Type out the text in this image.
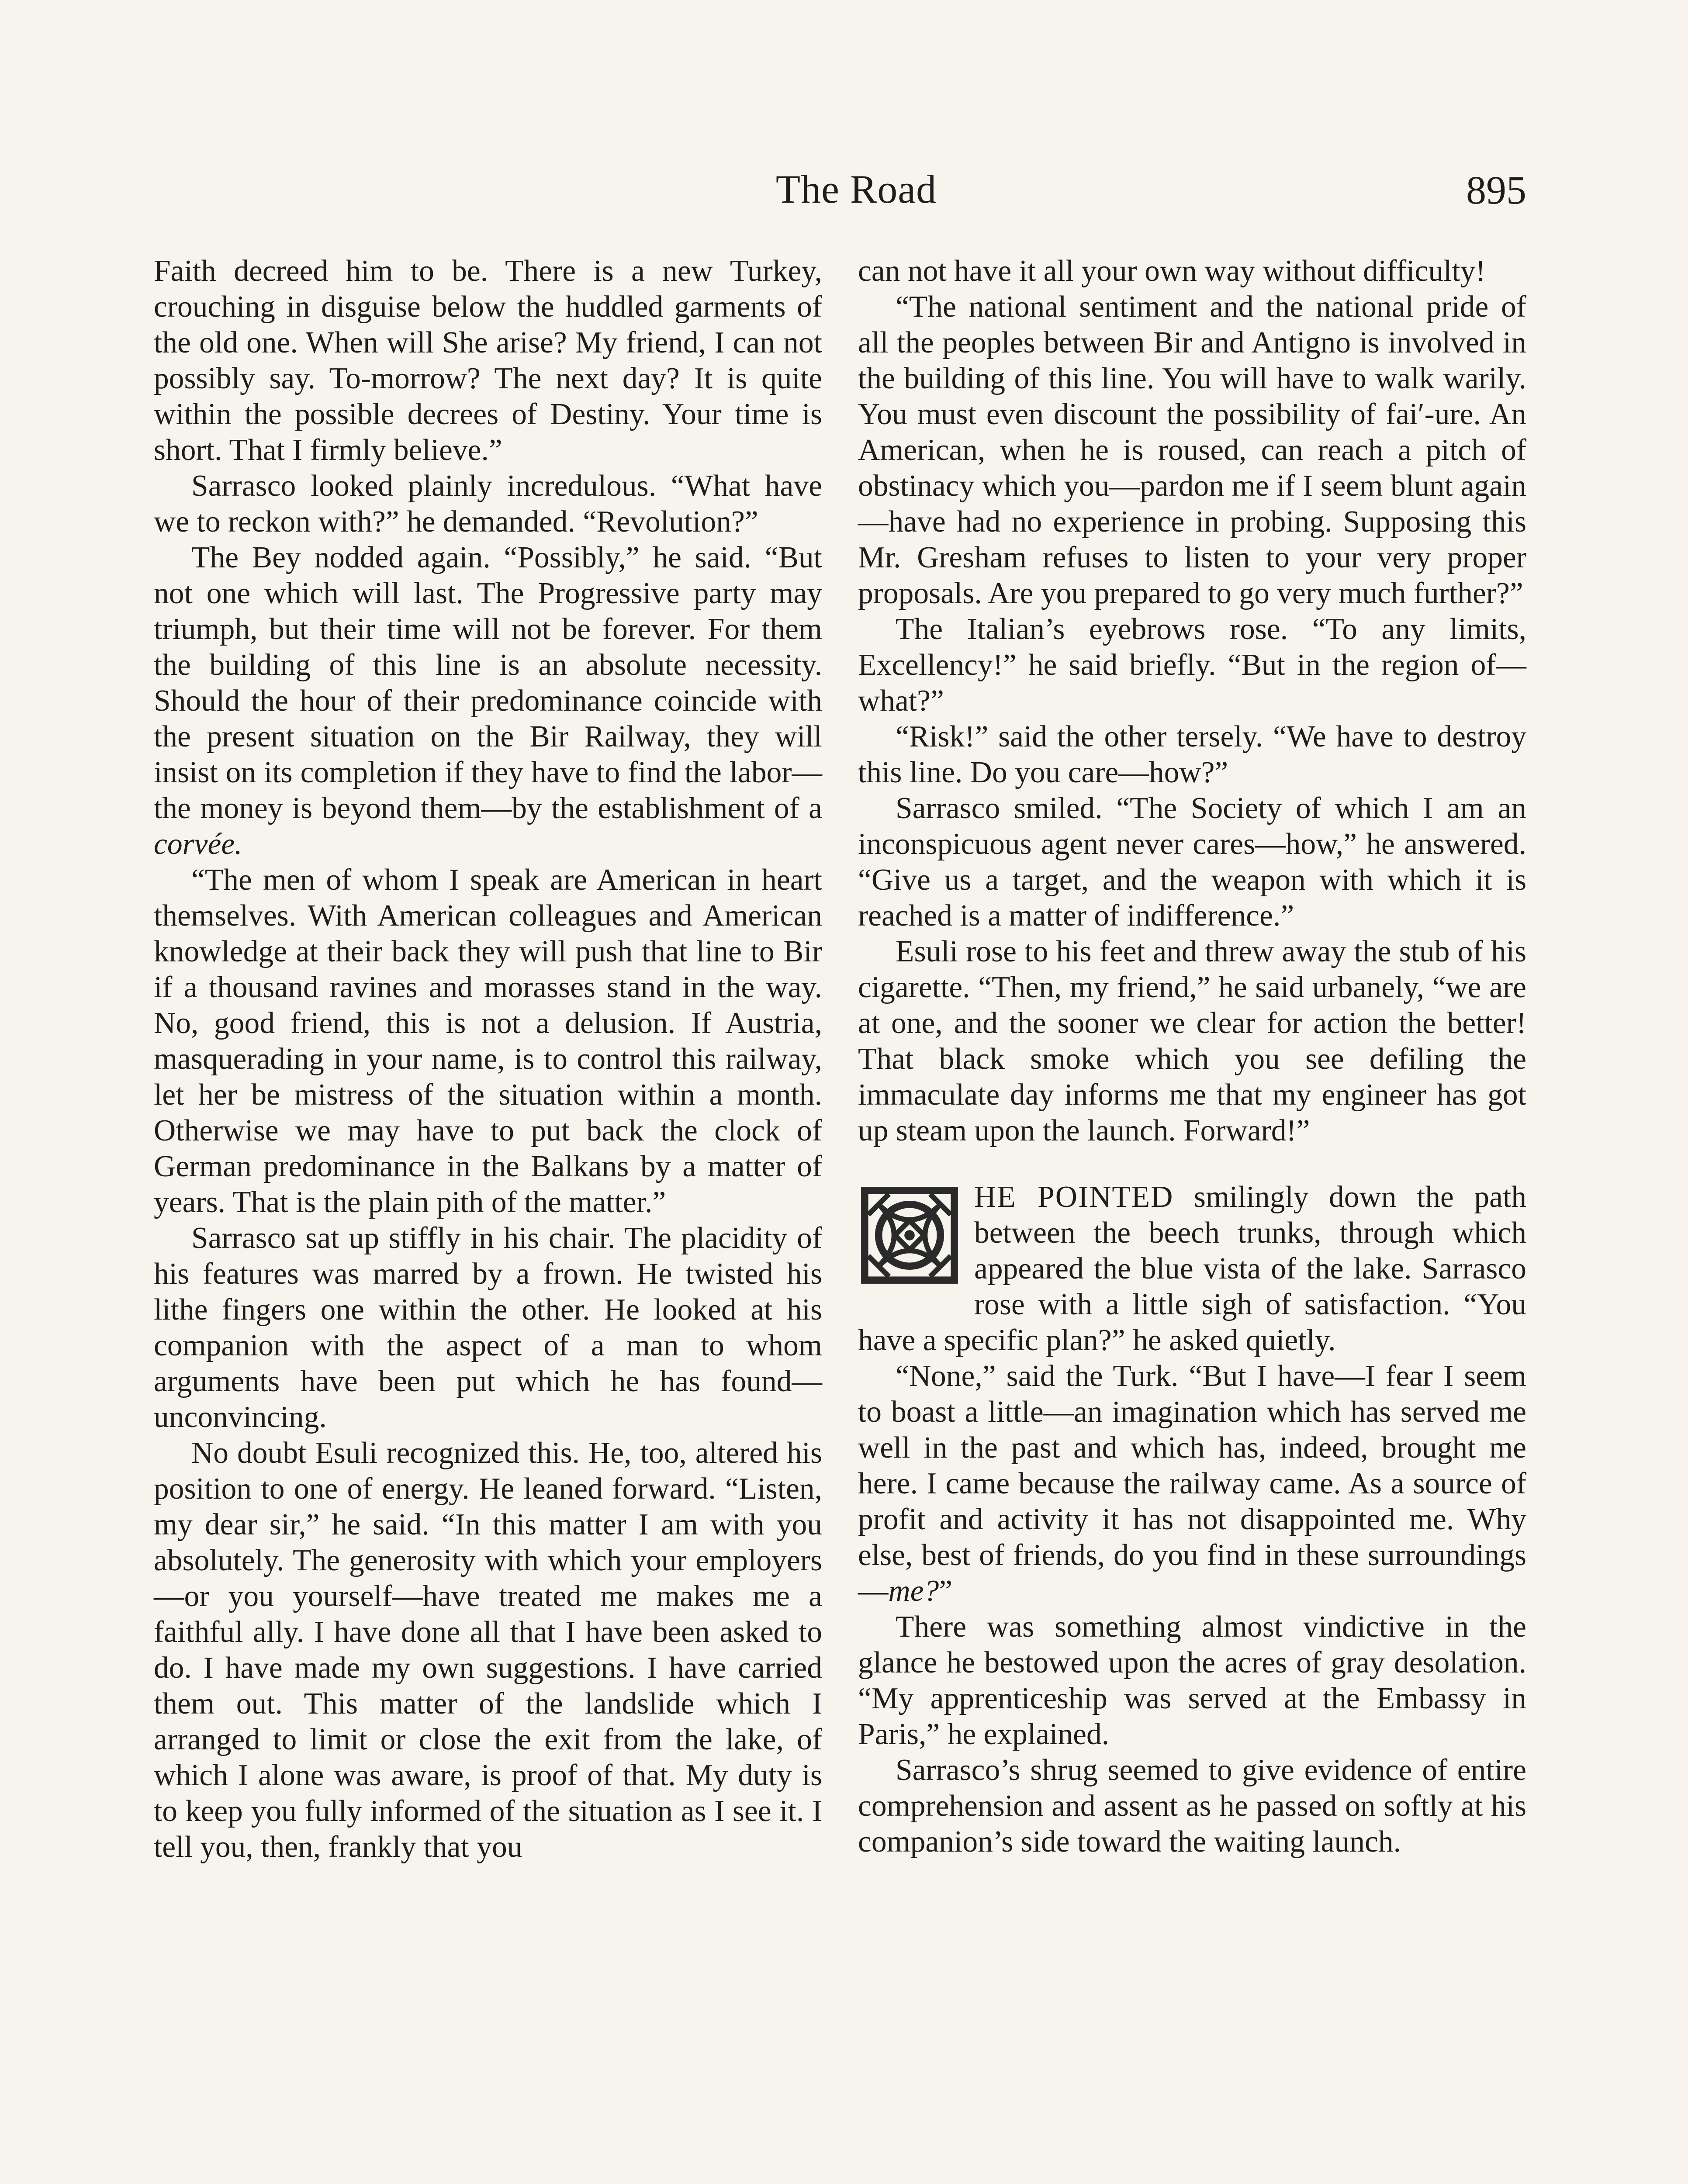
The Road	895

Faith decreed him to be. There is a new Turkey, crouching in disguise below the huddled garments of the old one. When will She arise? My friend, I can not possibly say. To-morrow? The next day? It is quite within the possible decrees of Destiny. Your time is short. That I firmly believe.”

Sarrasco looked plainly incredulous. “What have we to reckon with?” he demanded. “Revolution?”

The Bey nodded again. “Possibly,” he said. “But not one which will last. The Progressive party may triumph, but their time will not be forever. For them the building of this line is an absolute necessity. Should the hour of their predominance coincide with the present situation on the Bir Railway, they will insist on its completion if they have to find the labor—the money is beyond them—by the establishment of a corvée.

“The men of whom I speak are American in heart themselves. With American colleagues and American knowledge at their back they will push that line to Bir if a thousand ravines and morasses stand in the way. No, good friend, this is not a delusion. If Austria, masquerading in your name, is to control this railway, let her be mistress of the situation within a month. Otherwise we may have to put back the clock of German predominance in the Balkans by a matter of years. That is the plain pith of the matter.”

Sarrasco sat up stiffly in his chair. The placidity of his features was marred by a frown. He twisted his lithe fingers one within the other. He looked at his companion with the aspect of a man to whom arguments have been put which he has found—unconvincing.

No doubt Esuli recognized this. He, too, altered his position to one of energy. He leaned forward. “Listen, my dear sir,” he said. “In this matter I am with you absolutely. The generosity with which your employers—or you yourself—have treated me makes me a faithful ally. I have done all that I have been asked to do. I have made my own suggestions. I have carried them out. This matter of the landslide which I arranged to limit or close the exit from the lake, of which I alone was aware, is proof of that. My duty is to keep you fully informed of the situation as I see it. I tell you, then, frankly that you

can not have it all your own way without difficulty!

“The national sentiment and the national pride of all the peoples between Bir and Antigno is involved in the building of this line. You will have to walk warily. You must even discount the possibility of faiʹ-ure. An American, when he is roused, can reach a pitch of obstinacy which you—pardon me if I seem blunt again—have had no experience in probing. Supposing this Mr. Gresham refuses to listen to your very proper proposals. Are you prepared to go very much further?”

The Italian’s eyebrows rose. “To any limits, Excellency!” he said briefly. “But in the region of—what?”

“Risk!” said the other tersely. “We have to destroy this line. Do you care—how?”

Sarrasco smiled. “The Society of which I am an inconspicuous agent never cares—how,” he answered. “Give us a target, and the weapon with which it is reached is a matter of indifference.”

Esuli rose to his feet and threw away the stub of his cigarette. “Then, my friend,” he said urbanely, “we are at one, and the sooner we clear for action the better! That black smoke which you see defiling the immaculate day informs me that my engineer has got up steam upon the launch. Forward!”

HE POINTED smilingly down the path between the beech trunks, through which appeared the blue vista of the lake. Sarrasco rose with a little sigh of satisfaction. “You have a specific plan?” he asked quietly.

“None,” said the Turk. “But I have—I fear I seem to boast a little—an imagination which has served me well in the past and which has, indeed, brought me here. I came because the railway came. As a source of profit and activity it has not disappointed me. Why else, best of friends, do you find in these surroundings—me?”

There was something almost vindictive in the glance he bestowed upon the acres of gray desolation. “My apprenticeship was served at the Embassy in Paris,” he explained.

Sarrasco’s shrug seemed to give evidence of entire comprehension and assent as he passed on softly at his companion’s side toward the waiting launch.
